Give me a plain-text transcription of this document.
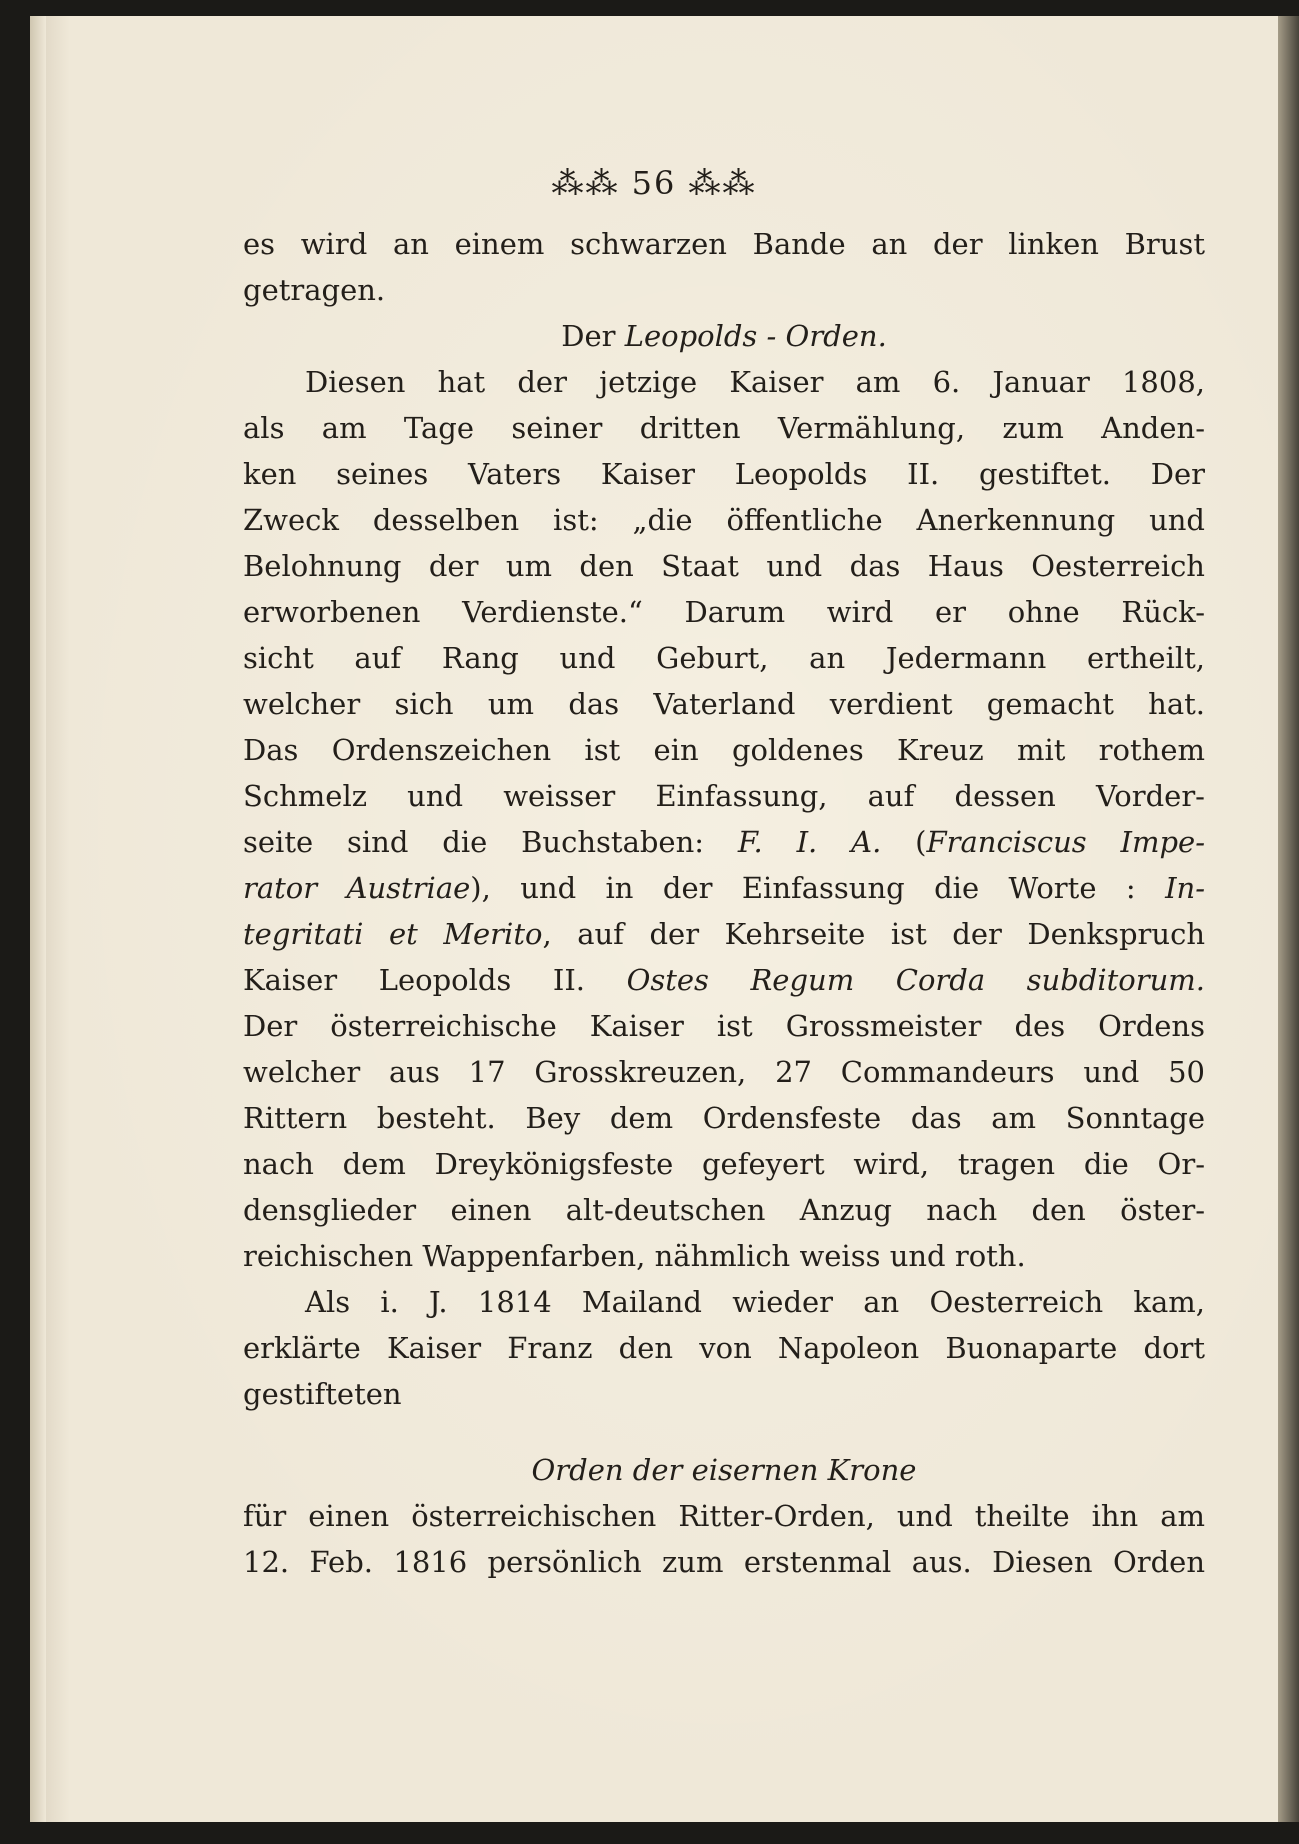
⁂⁂ 56 ⁂⁂
es wird an einem schwarzen Bande an der linken Brust
getragen.
Der Leopolds - Orden.
Diesen hat der jetzige Kaiser am 6. Januar 1808,
als am Tage seiner dritten Vermählung, zum Anden-
ken seines Vaters Kaiser Leopolds II. gestiftet. Der
Zweck desselben ist: „die öffentliche Anerkennung und
Belohnung der um den Staat und das Haus Oesterreich
erworbenen Verdienste.“ Darum wird er ohne Rück-
sicht auf Rang und Geburt, an Jedermann ertheilt,
welcher sich um das Vaterland verdient gemacht hat.
Das Ordenszeichen ist ein goldenes Kreuz mit rothem
Schmelz und weisser Einfassung, auf dessen Vorder-
seite sind die Buchstaben: F. I. A. (Franciscus Impe-
rator Austriae), und in der Einfassung die Worte : In-
tegritati et Merito, auf der Kehrseite ist der Denkspruch
Kaiser Leopolds II. Ostes Regum Corda subditorum.
Der österreichische Kaiser ist Grossmeister des Ordens
welcher aus 17 Grosskreuzen, 27 Commandeurs und 50
Rittern besteht. Bey dem Ordensfeste das am Sonntage
nach dem Dreykönigsfeste gefeyert wird, tragen die Or-
densglieder einen alt-deutschen Anzug nach den öster-
reichischen Wappenfarben, nähmlich weiss und roth.
Als i. J. 1814 Mailand wieder an Oesterreich kam,
erklärte Kaiser Franz den von Napoleon Buonaparte dort
gestifteten
Orden der eisernen Krone
für einen österreichischen Ritter-Orden, und theilte ihn am
12. Feb. 1816 persönlich zum erstenmal aus. Diesen Orden
